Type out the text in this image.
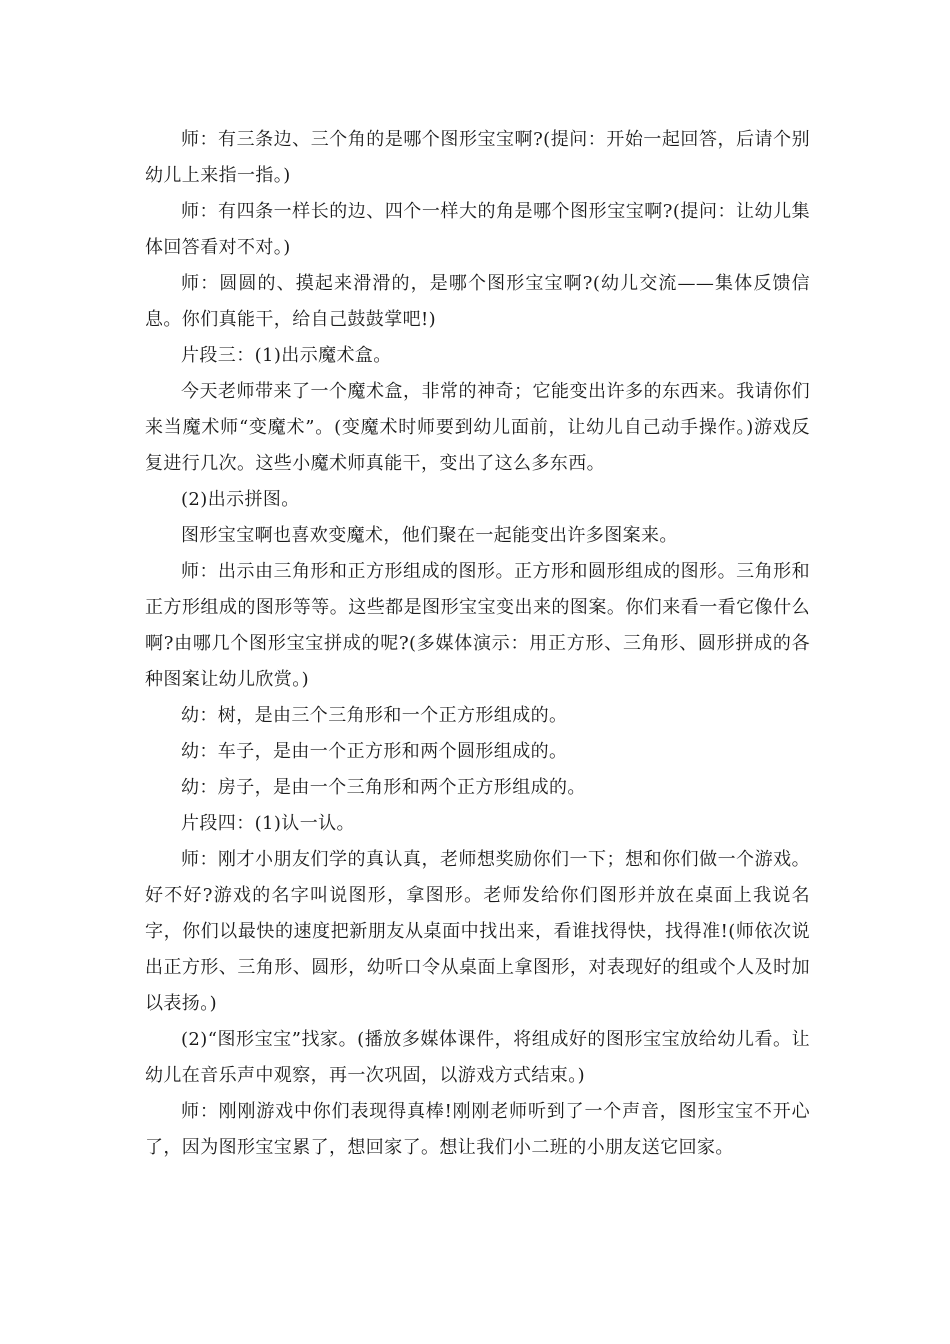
师：有三条边、三个角的是哪个图形宝宝啊?(提问：开始一起回答，后请个别幼儿上来指一指。)

师：有四条一样长的边、四个一样大的角是哪个图形宝宝啊?(提问：让幼儿集体回答看对不对。)

师：圆圆的、摸起来滑滑的，是哪个图形宝宝啊?(幼儿交流——集体反馈信息。你们真能干，给自己鼓鼓掌吧!)

片段三：(1)出示魔术盒。

今天老师带来了一个魔术盒，非常的神奇；它能变出许多的东西来。我请你们来当魔术师“变魔术”。(变魔术时师要到幼儿面前，让幼儿自己动手操作。)游戏反复进行几次。这些小魔术师真能干，变出了这么多东西。

(2)出示拼图。

图形宝宝啊也喜欢变魔术，他们聚在一起能变出许多图案来。

师：出示由三角形和正方形组成的图形。正方形和圆形组成的图形。三角形和正方形组成的图形等等。这些都是图形宝宝变出来的图案。你们来看一看它像什么啊?由哪几个图形宝宝拼成的呢?(多媒体演示：用正方形、三角形、圆形拼成的各种图案让幼儿欣赏。)

幼：树，是由三个三角形和一个正方形组成的。

幼：车子，是由一个正方形和两个圆形组成的。

幼：房子，是由一个三角形和两个正方形组成的。

片段四：(1)认一认。

师：刚才小朋友们学的真认真，老师想奖励你们一下；想和你们做一个游戏。好不好?游戏的名字叫说图形，拿图形。老师发给你们图形并放在桌面上我说名字，你们以最快的速度把新朋友从桌面中找出来，看谁找得快，找得准!(师依次说出正方形、三角形、圆形，幼听口令从桌面上拿图形，对表现好的组或个人及时加以表扬。)

(2)“图形宝宝”找家。(播放多媒体课件，将组成好的图形宝宝放给幼儿看。让幼儿在音乐声中观察，再一次巩固，以游戏方式结束。)

师：刚刚游戏中你们表现得真棒!刚刚老师听到了一个声音，图形宝宝不开心了，因为图形宝宝累了，想回家了。想让我们小二班的小朋友送它回家。
